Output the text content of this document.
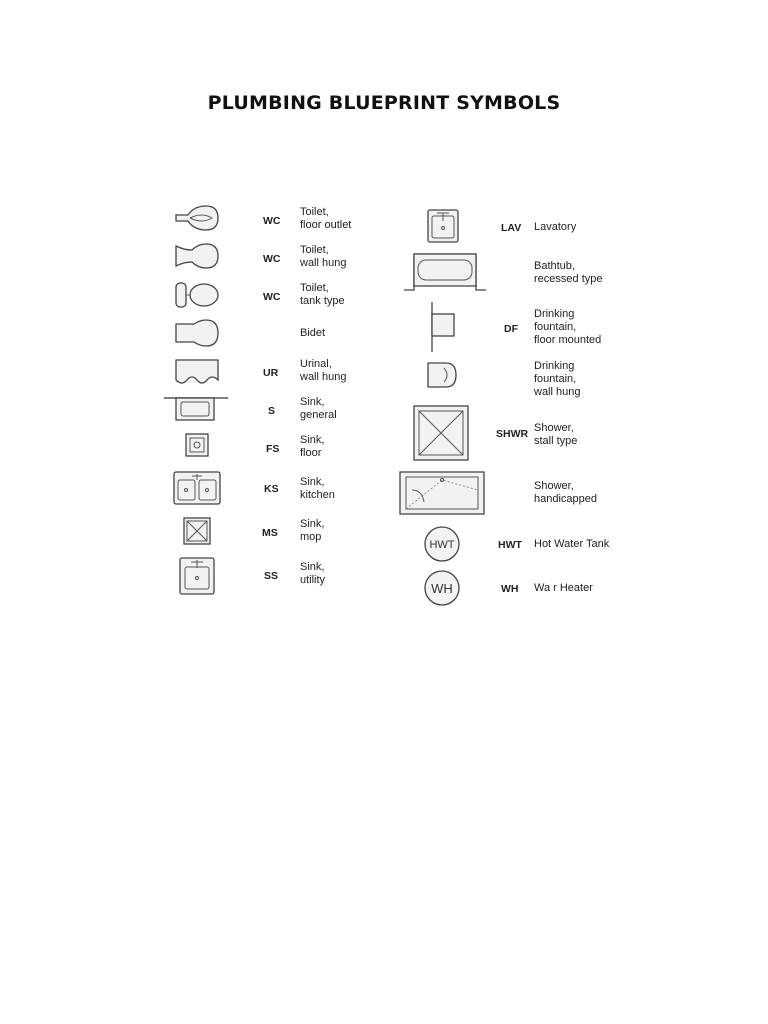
PLUMBING BLUEPRINT SYMBOLS
WC
Toilet,
floor outlet
WC
Toilet,
wall hung
WC
Toilet,
tank type
Bidet
UR
Urinal,
wall hung
S
Sink,
general
FS
Sink,
floor
KS
Sink,
kitchen
MS
Sink,
mop
SS
Sink,
utility
LAV Lavatory
Bathtub,
recessed type
DF
Drinking
fountain,
floor mounted
Drinking
fountain,
wall hung
SHWR Shower,
stall type
Shower,
handicapped
HWT	HWT Hot Water Tank
WH	WH Wa r Heater
